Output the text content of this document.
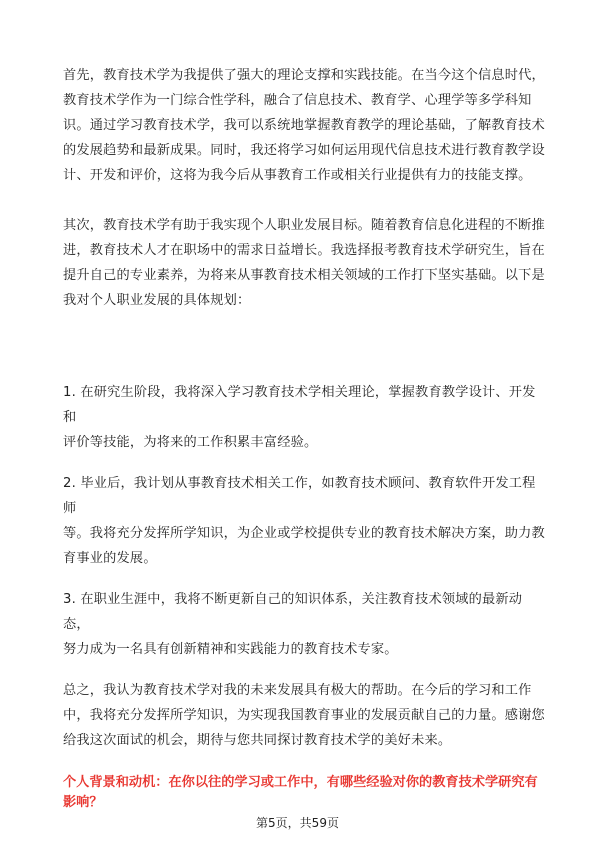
首先，教育技术学为我提供了强大的理论支撑和实践技能。在当今这个信息时代，
教育技术学作为一门综合性学科，融合了信息技术、教育学、心理学等多学科知
识。通过学习教育技术学，我可以系统地掌握教育教学的理论基础，了解教育技术
的发展趋势和最新成果。同时，我还将学习如何运用现代信息技术进行教育教学设
计、开发和评价，这将为我今后从事教育工作或相关行业提供有力的技能支撑。

其次，教育技术学有助于我实现个人职业发展目标。随着教育信息化进程的不断推
进，教育技术人才在职场中的需求日益增长。我选择报考教育技术学研究生，旨在
提升自己的专业素养，为将来从事教育技术相关领域的工作打下坚实基础。以下是
我对个人职业发展的具体规划：

1. 在研究生阶段，我将深入学习教育技术学相关理论，掌握教育教学设计、开发和
评价等技能，为将来的工作积累丰富经验。

2. 毕业后，我计划从事教育技术相关工作，如教育技术顾问、教育软件开发工程师
等。我将充分发挥所学知识，为企业或学校提供专业的教育技术解决方案，助力教
育事业的发展。

3. 在职业生涯中，我将不断更新自己的知识体系，关注教育技术领域的最新动态，
努力成为一名具有创新精神和实践能力的教育技术专家。

总之，我认为教育技术学对我的未来发展具有极大的帮助。在今后的学习和工作
中，我将充分发挥所学知识，为实现我国教育事业的发展贡献自己的力量。感谢您
给我这次面试的机会，期待与您共同探讨教育技术学的美好未来。

个人背景和动机：在你以往的学习或工作中，有哪些经验对你的教育技术学研究有
影响？

第5页，共59页
